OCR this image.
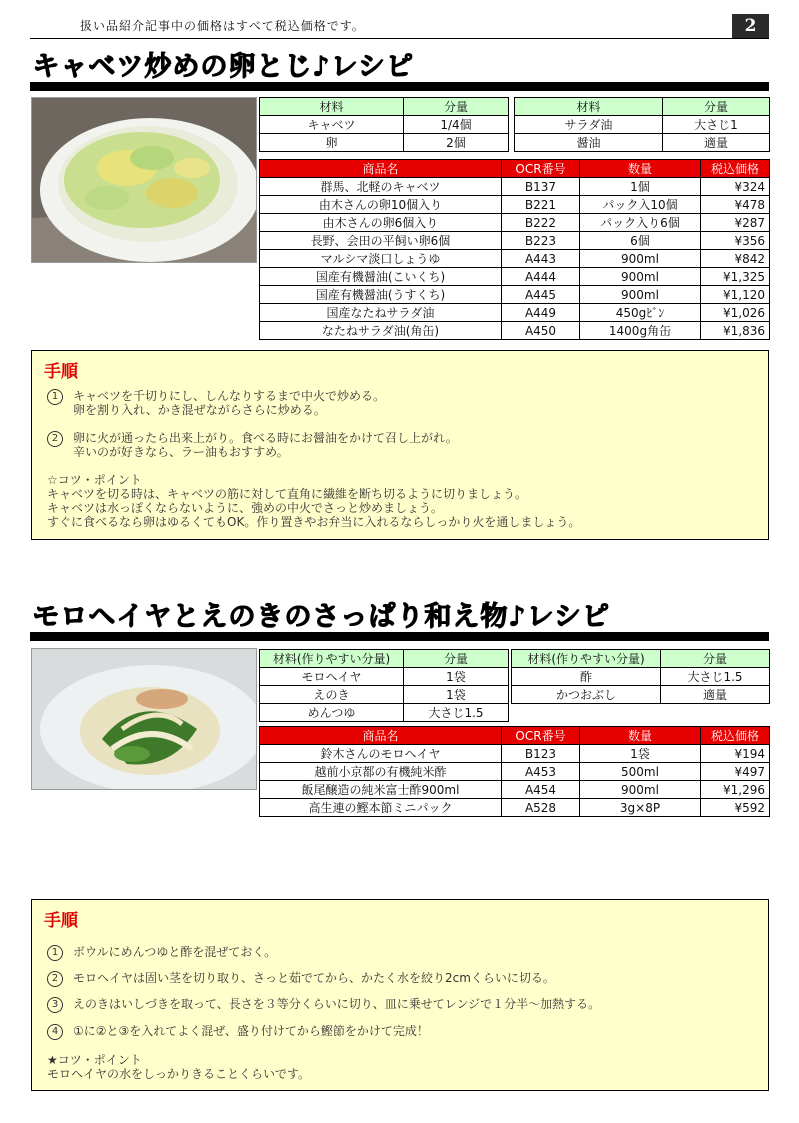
扱い品紹介記事中の価格はすべて税込価格です。	2
キャベツ炒めの卵とじ♪レシピ
材料	分量
キャベツ	1/4個
卵	2個
材料	分量
サラダ油	大さじ1
醤油	適量
商品名	OCR番号	数量	税込価格
群馬、北軽のキャベツ	B137	1個	¥324
由木さんの卵10個入り	B221	パック入10個	¥478
由木さんの卵6個入り	B222	パック入り6個	¥287
長野、会田の平飼い卵6個	B223	6個	¥356
マルシマ淡口しょうゆ	A443	900ml	¥842
国産有機醤油(こいくち)	A444	900ml	¥1,325
国産有機醤油(うすくち)	A445	900ml	¥1,120
国産なたねサラダ油	A449	450gﾋﾞﾝ	¥1,026
なたねサラダ油(角缶)	A450	1400g角缶	¥1,836
手順
1 キャベツを千切りにし、しんなりするまで中火で炒める。
卵を割り入れ、かき混ぜながらさらに炒める。
2 卵に火が通ったら出来上がり。食べる時にお醤油をかけて召し上がれ。
辛いのが好きなら、ラー油もおすすめ。
☆コツ・ポイント
キャベツを切る時は、キャベツの筋に対して直角に繊維を断ち切るように切りましょう。
キャベツは水っぽくならないように、強めの中火でさっと炒めましょう。
すぐに食べるなら卵はゆるくてもOK。作り置きやお弁当に入れるならしっかり火を通しましょう。
モロヘイヤとえのきのさっぱり和え物♪レシピ
材料(作りやすい分量)	分量
モロヘイヤ	1袋
えのき	1袋
めんつゆ	大さじ1.5
材料(作りやすい分量)	分量
酢	大さじ1.5
かつおぶし	適量
商品名	OCR番号	数量	税込価格
鈴木さんのモロヘイヤ	B123	1袋	¥194
越前小京都の有機純米酢	A453	500ml	¥497
飯尾醸造の純米富士酢900ml	A454	900ml	¥1,296
高生連の鰹本節ミニパック	A528	3g×8P	¥592
手順
1 ボウルにめんつゆと酢を混ぜておく。
2 モロヘイヤは固い茎を切り取り、さっと茹でてから、かたく水を絞り2cmくらいに切る。
3 えのきはいしづきを取って、長さを３等分くらいに切り、皿に乗せてレンジで１分半～加熱する。
4 ①に②と③を入れてよく混ぜ、盛り付けてから鰹節をかけて完成！
★コツ・ポイント
モロヘイヤの水をしっかりきることくらいです。
